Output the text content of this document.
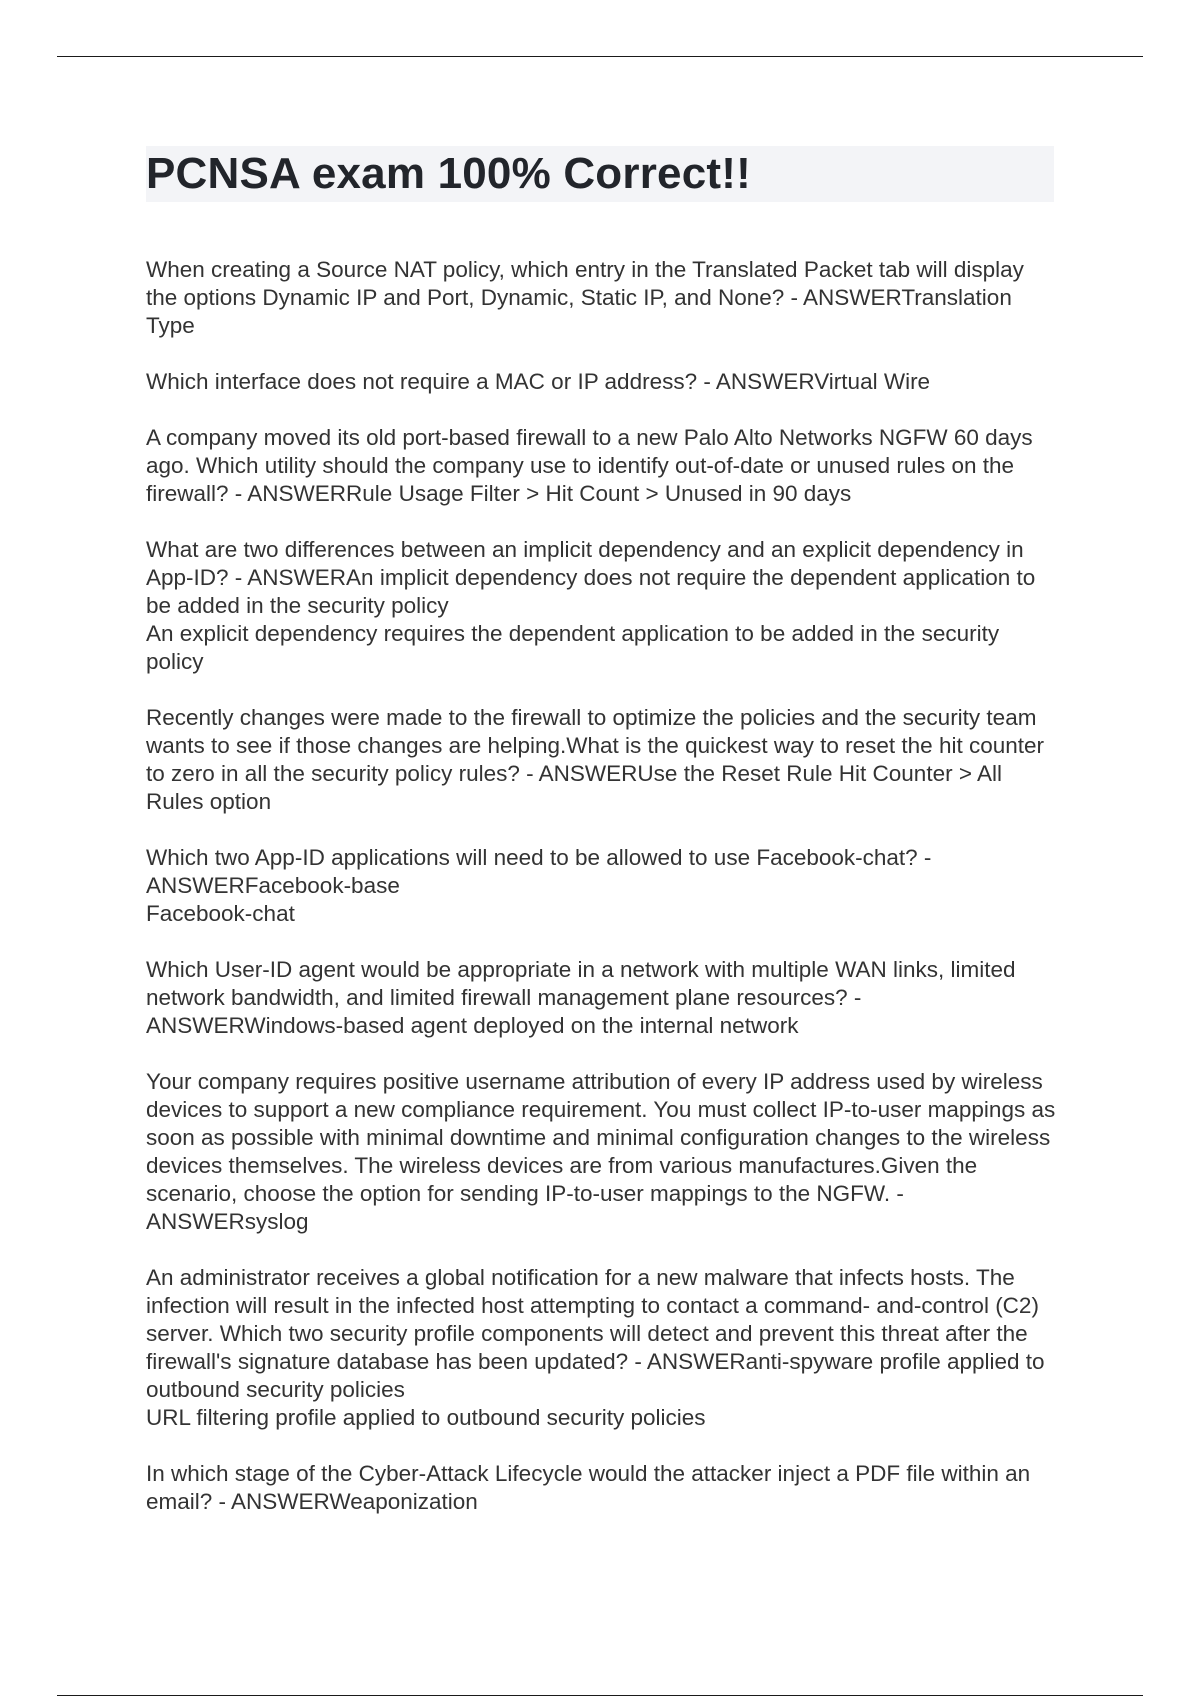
PCNSA exam 100% Correct!!

When creating a Source NAT policy, which entry in the Translated Packet tab will display the options Dynamic IP and Port, Dynamic, Static IP, and None? - ANSWERTranslation Type

Which interface does not require a MAC or IP address? - ANSWERVirtual Wire

A company moved its old port-based firewall to a new Palo Alto Networks NGFW 60 days ago. Which utility should the company use to identify out-of-date or unused rules on the firewall? - ANSWERRule Usage Filter > Hit Count > Unused in 90 days

What are two differences between an implicit dependency and an explicit dependency in App-ID? - ANSWERAn implicit dependency does not require the dependent application to be added in the security policy
An explicit dependency requires the dependent application to be added in the security policy

Recently changes were made to the firewall to optimize the policies and the security team wants to see if those changes are helping.What is the quickest way to reset the hit counter to zero in all the security policy rules? - ANSWERUse the Reset Rule Hit Counter > All Rules option

Which two App-ID applications will need to be allowed to use Facebook-chat? - ANSWERFacebook-base
Facebook-chat

Which User-ID agent would be appropriate in a network with multiple WAN links, limited network bandwidth, and limited firewall management plane resources? - ANSWERWindows-based agent deployed on the internal network

Your company requires positive username attribution of every IP address used by wireless devices to support a new compliance requirement. You must collect IP-to-user mappings as soon as possible with minimal downtime and minimal configuration changes to the wireless devices themselves. The wireless devices are from various manufactures.Given the scenario, choose the option for sending IP-to-user mappings to the NGFW. - ANSWERsyslog

An administrator receives a global notification for a new malware that infects hosts. The infection will result in the infected host attempting to contact a command- and-control (C2) server. Which two security profile components will detect and prevent this threat after the firewall's signature database has been updated? - ANSWERanti-spyware profile applied to outbound security policies
URL filtering profile applied to outbound security policies

In which stage of the Cyber-Attack Lifecycle would the attacker inject a PDF file within an email? - ANSWERWeaponization
